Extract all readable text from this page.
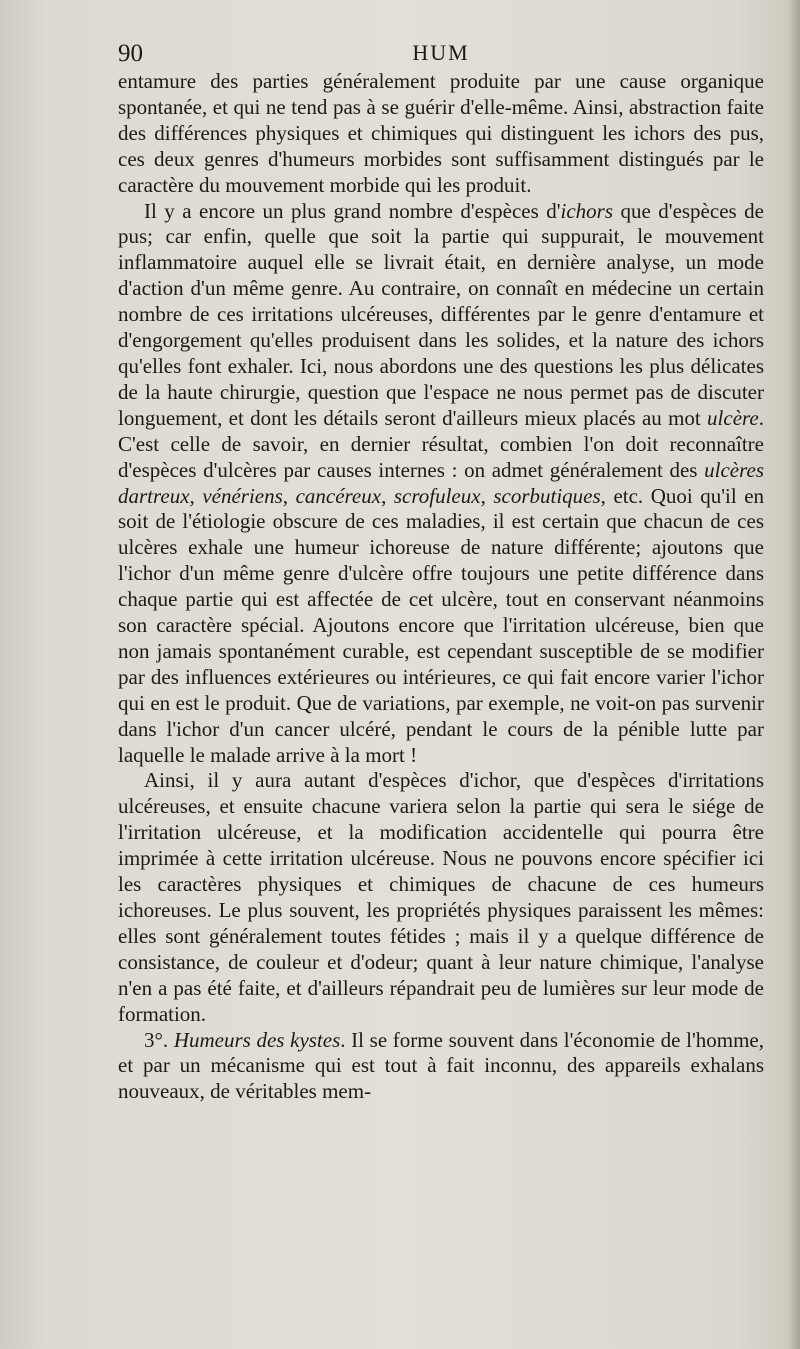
90	HUM

entamure des parties généralement produite par une cause organique spontanée, et qui ne tend pas à se guérir d'elle-même. Ainsi, abstraction faite des différences physiques et chimiques qui distinguent les ichors des pus, ces deux genres d'humeurs morbides sont suffisamment distingués par le caractère du mouvement morbide qui les produit.

Il y a encore un plus grand nombre d'espèces d'ichors que d'espèces de pus; car enfin, quelle que soit la partie qui suppurait, le mouvement inflammatoire auquel elle se livrait était, en dernière analyse, un mode d'action d'un même genre. Au contraire, on connaît en médecine un certain nombre de ces irritations ulcéreuses, différentes par le genre d'entamure et d'engorgement qu'elles produisent dans les solides, et la nature des ichors qu'elles font exhaler. Ici, nous abordons une des questions les plus délicates de la haute chirurgie, question que l'espace ne nous permet pas de discuter longuement, et dont les détails seront d'ailleurs mieux placés au mot ulcère. C'est celle de savoir, en dernier résultat, combien l'on doit reconnaître d'espèces d'ulcères par causes internes : on admet généralement des ulcères dartreux, vénériens, cancéreux, scrofuleux, scorbutiques, etc. Quoi qu'il en soit de l'étiologie obscure de ces maladies, il est certain que chacun de ces ulcères exhale une humeur ichoreuse de nature différente; ajoutons que l'ichor d'un même genre d'ulcère offre toujours une petite différence dans chaque partie qui est affectée de cet ulcère, tout en conservant néanmoins son caractère spécial. Ajoutons encore que l'irritation ulcéreuse, bien que non jamais spontanément curable, est cependant susceptible de se modifier par des influences extérieures ou intérieures, ce qui fait encore varier l'ichor qui en est le produit. Que de variations, par exemple, ne voit-on pas survenir dans l'ichor d'un cancer ulcéré, pendant le cours de la pénible lutte par laquelle le malade arrive à la mort !

Ainsi, il y aura autant d'espèces d'ichor, que d'espèces d'irritations ulcéreuses, et ensuite chacune variera selon la partie qui sera le siége de l'irritation ulcéreuse, et la modification accidentelle qui pourra être imprimée à cette irritation ulcéreuse. Nous ne pouvons encore spécifier ici les caractères physiques et chimiques de chacune de ces humeurs ichoreuses. Le plus souvent, les propriétés physiques paraissent les mêmes: elles sont généralement toutes fétides ; mais il y a quelque différence de consistance, de couleur et d'odeur; quant à leur nature chimique, l'analyse n'en a pas été faite, et d'ailleurs répandrait peu de lumières sur leur mode de formation.

3°. Humeurs des kystes. Il se forme souvent dans l'économie de l'homme, et par un mécanisme qui est tout à fait inconnu, des appareils exhalans nouveaux, de véritables mem-
